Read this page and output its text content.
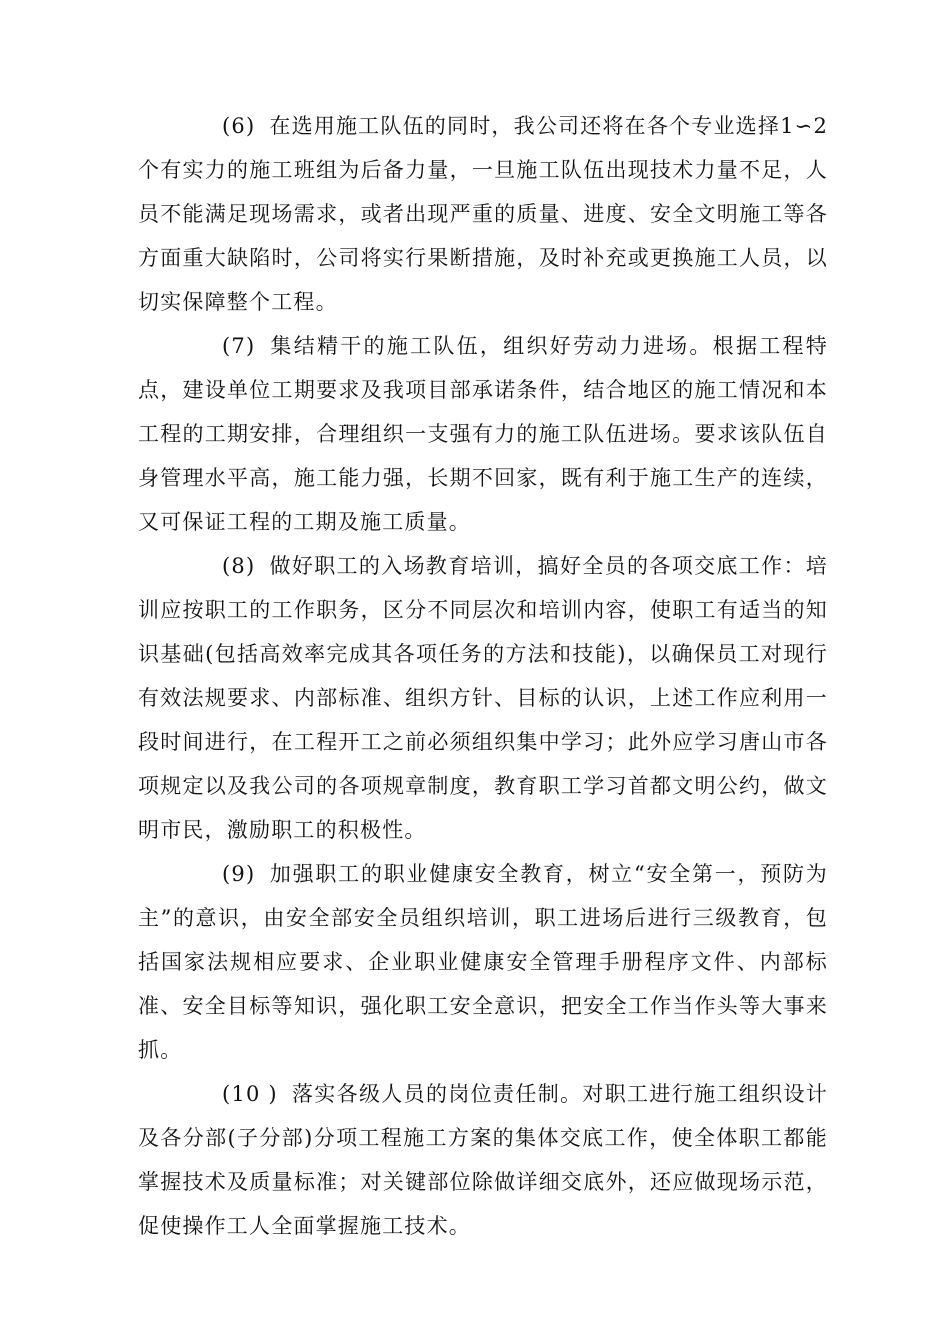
(6) 在选用施工队伍的同时，我公司还将在各个专业选择1∽2个有实力的施工班组为后备力量，一旦施工队伍出现技术力量不足，人员不能满足现场需求，或者出现严重的质量、进度、安全文明施工等各方面重大缺陷时，公司将实行果断措施，及时补充或更换施工人员，以切实保障整个工程。

(7) 集结精干的施工队伍，组织好劳动力进场。根据工程特点，建设单位工期要求及我项目部承诺条件，结合地区的施工情况和本工程的工期安排，合理组织一支强有力的施工队伍进场。要求该队伍自身管理水平高，施工能力强，长期不回家，既有利于施工生产的连续，又可保证工程的工期及施工质量。

(8) 做好职工的入场教育培训，搞好全员的各项交底工作：培训应按职工的工作职务，区分不同层次和培训内容，使职工有适当的知识基础(包括高效率完成其各项任务的方法和技能)，以确保员工对现行有效法规要求、内部标准、组织方针、目标的认识，上述工作应利用一段时间进行，在工程开工之前必须组织集中学习；此外应学习唐山市各项规定以及我公司的各项规章制度，教育职工学习首都文明公约，做文明市民，激励职工的积极性。

(9) 加强职工的职业健康安全教育，树立“安全第一，预防为主”的意识，由安全部安全员组织培训，职工进场后进行三级教育，包括国家法规相应要求、企业职业健康安全管理手册程序文件、内部标准、安全目标等知识，强化职工安全意识，把安全工作当作头等大事来抓。

(10 ) 落实各级人员的岗位责任制。对职工进行施工组织设计及各分部(子分部)分项工程施工方案的集体交底工作，使全体职工都能掌握技术及质量标准；对关键部位除做详细交底外，还应做现场示范，促使操作工人全面掌握施工技术。
